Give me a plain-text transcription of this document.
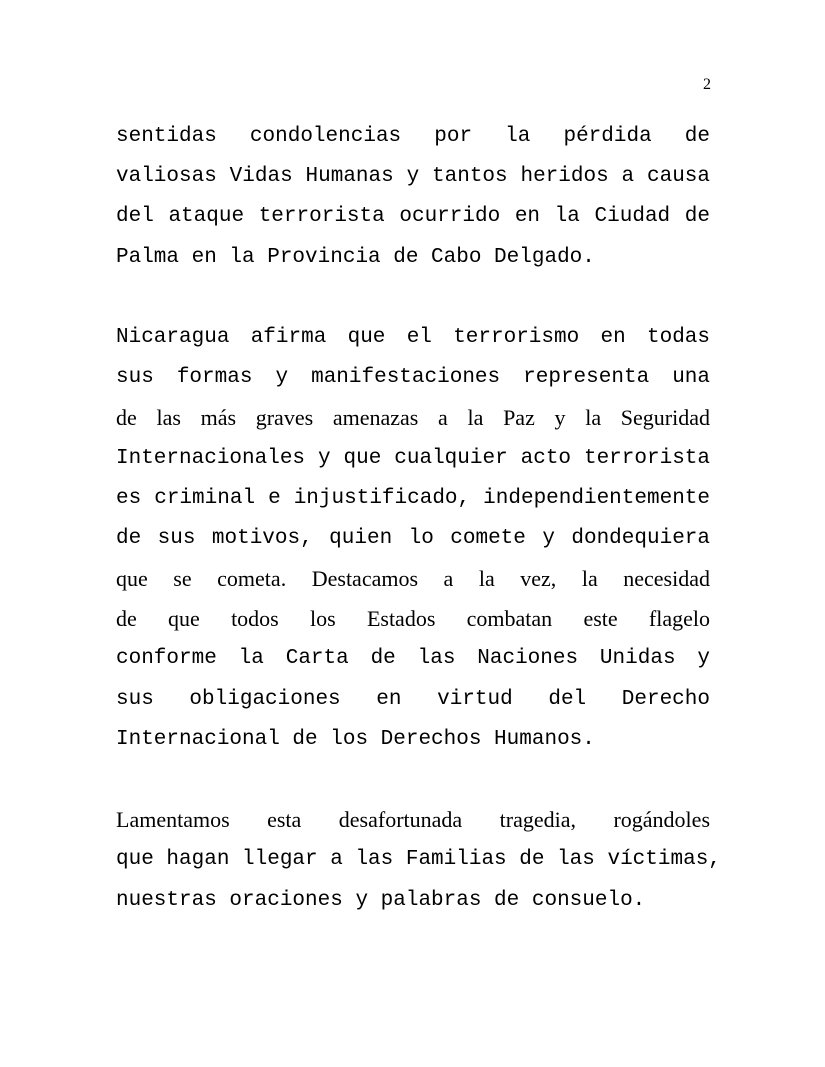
2

sentidas condolencias por la pérdida de
valiosas Vidas Humanas y tantos heridos a causa
del ataque terrorista ocurrido en la Ciudad de
Palma en la Provincia de Cabo Delgado.

Nicaragua afirma que el terrorismo en todas
sus formas y manifestaciones representa una
de las más graves amenazas a la Paz y la Seguridad
Internacionales y que cualquier acto terrorista
es criminal e injustificado, independientemente
de sus motivos, quien lo comete y dondequiera
que se cometa. Destacamos a la vez, la necesidad
de que todos los Estados combatan este flagelo
conforme la Carta de las Naciones Unidas y
sus obligaciones en virtud del Derecho
Internacional de los Derechos Humanos.

Lamentamos esta desafortunada tragedia, rogándoles
que hagan llegar a las Familias de las víctimas,
nuestras oraciones y palabras de consuelo.
